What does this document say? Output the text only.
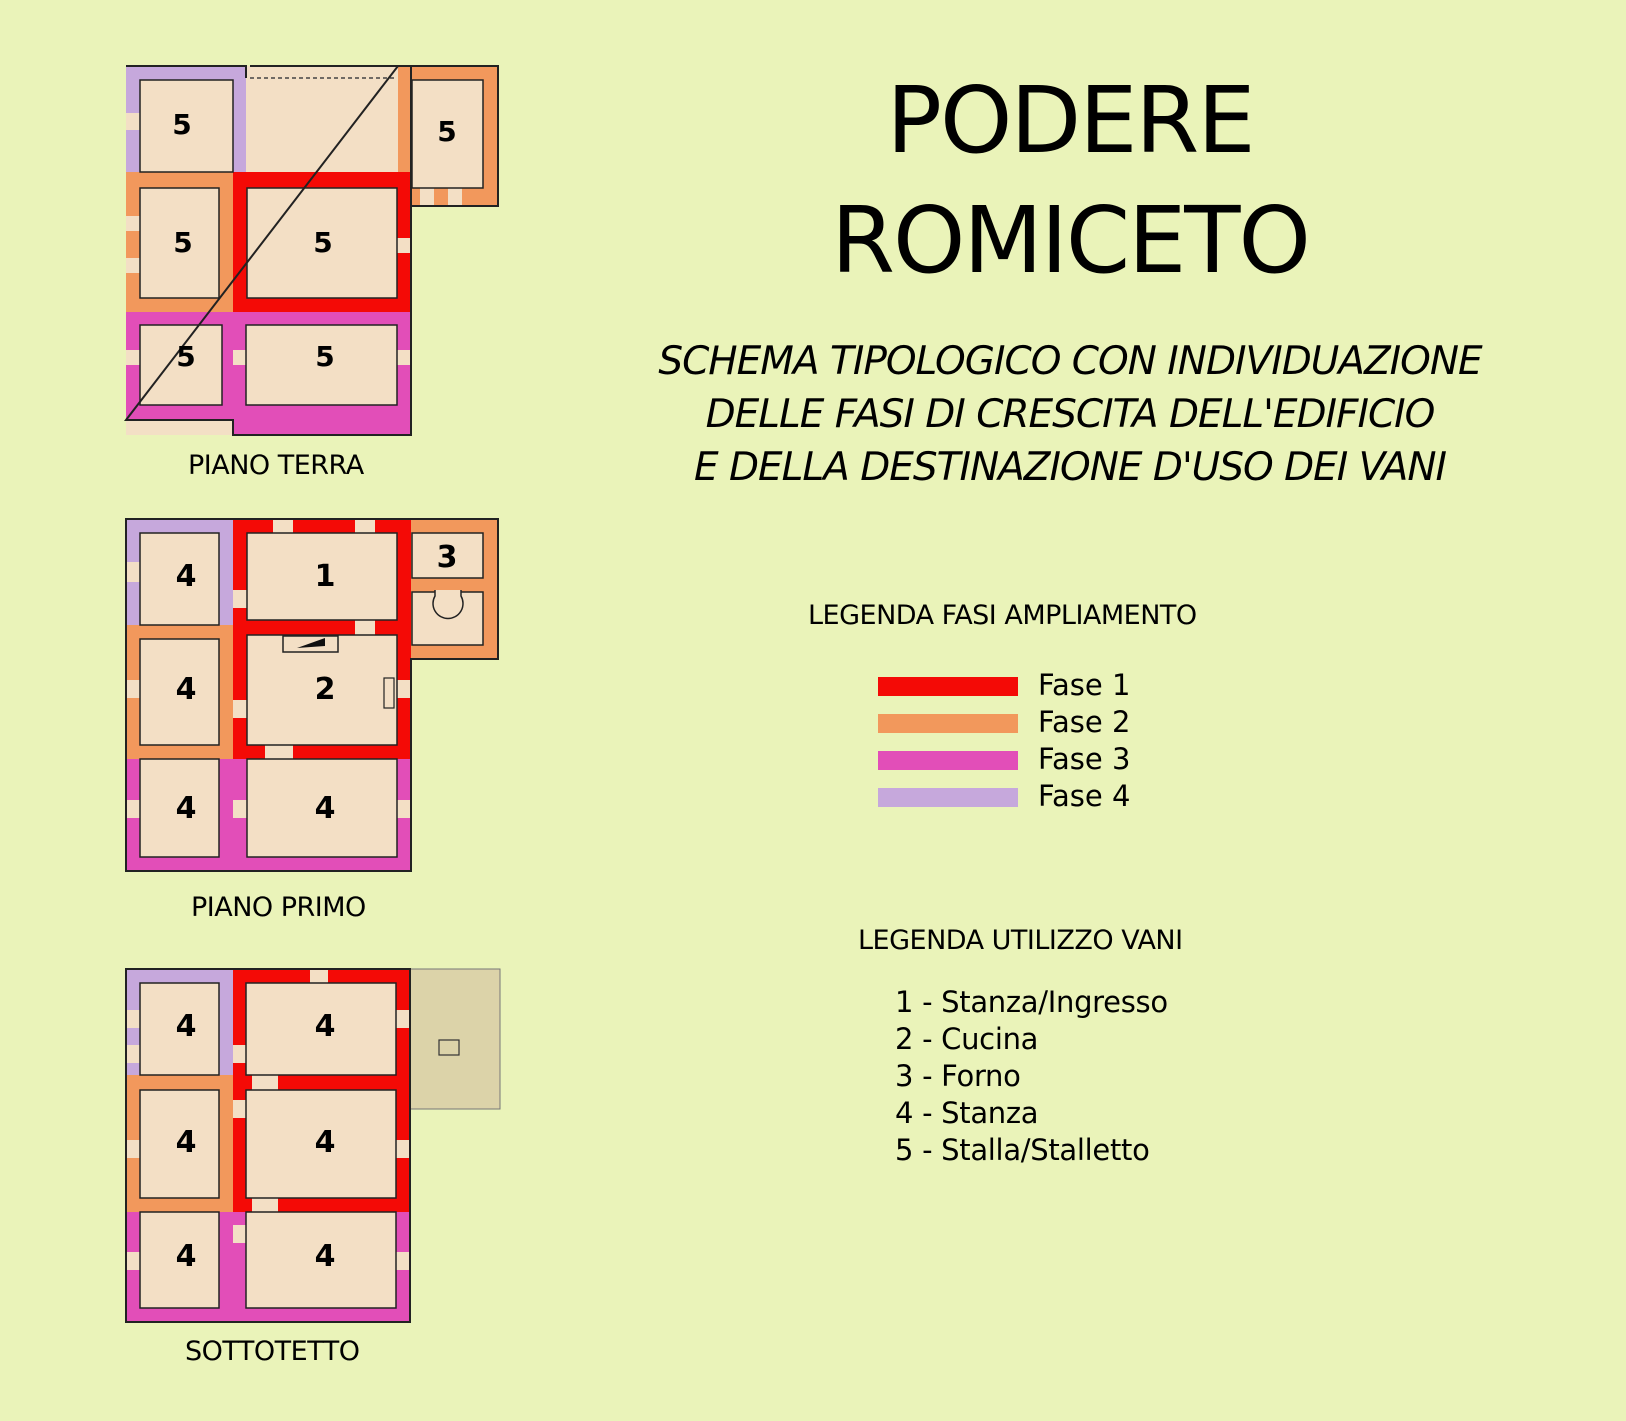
5	5
5	5
5	5
4	1
3
4	2
4	4
4	4
4	4
4	4
PIANO TERRA
PIANO PRIMO
SOTTOTETTO
PODERE
ROMICETO
SCHEMA TIPOLOGICO CON INDIVIDUAZIONE
DELLE FASI DI CRESCITA DELL'EDIFICIO
E DELLA DESTINAZIONE D'USO DEI VANI
LEGENDA FASI AMPLIAMENTO
Fase 1
Fase 2
Fase 3
Fase 4
LEGENDA UTILIZZO VANI
1 - Stanza/Ingresso
2 - Cucina
3 - Forno
4 - Stanza
5 - Stalla/Stalletto
